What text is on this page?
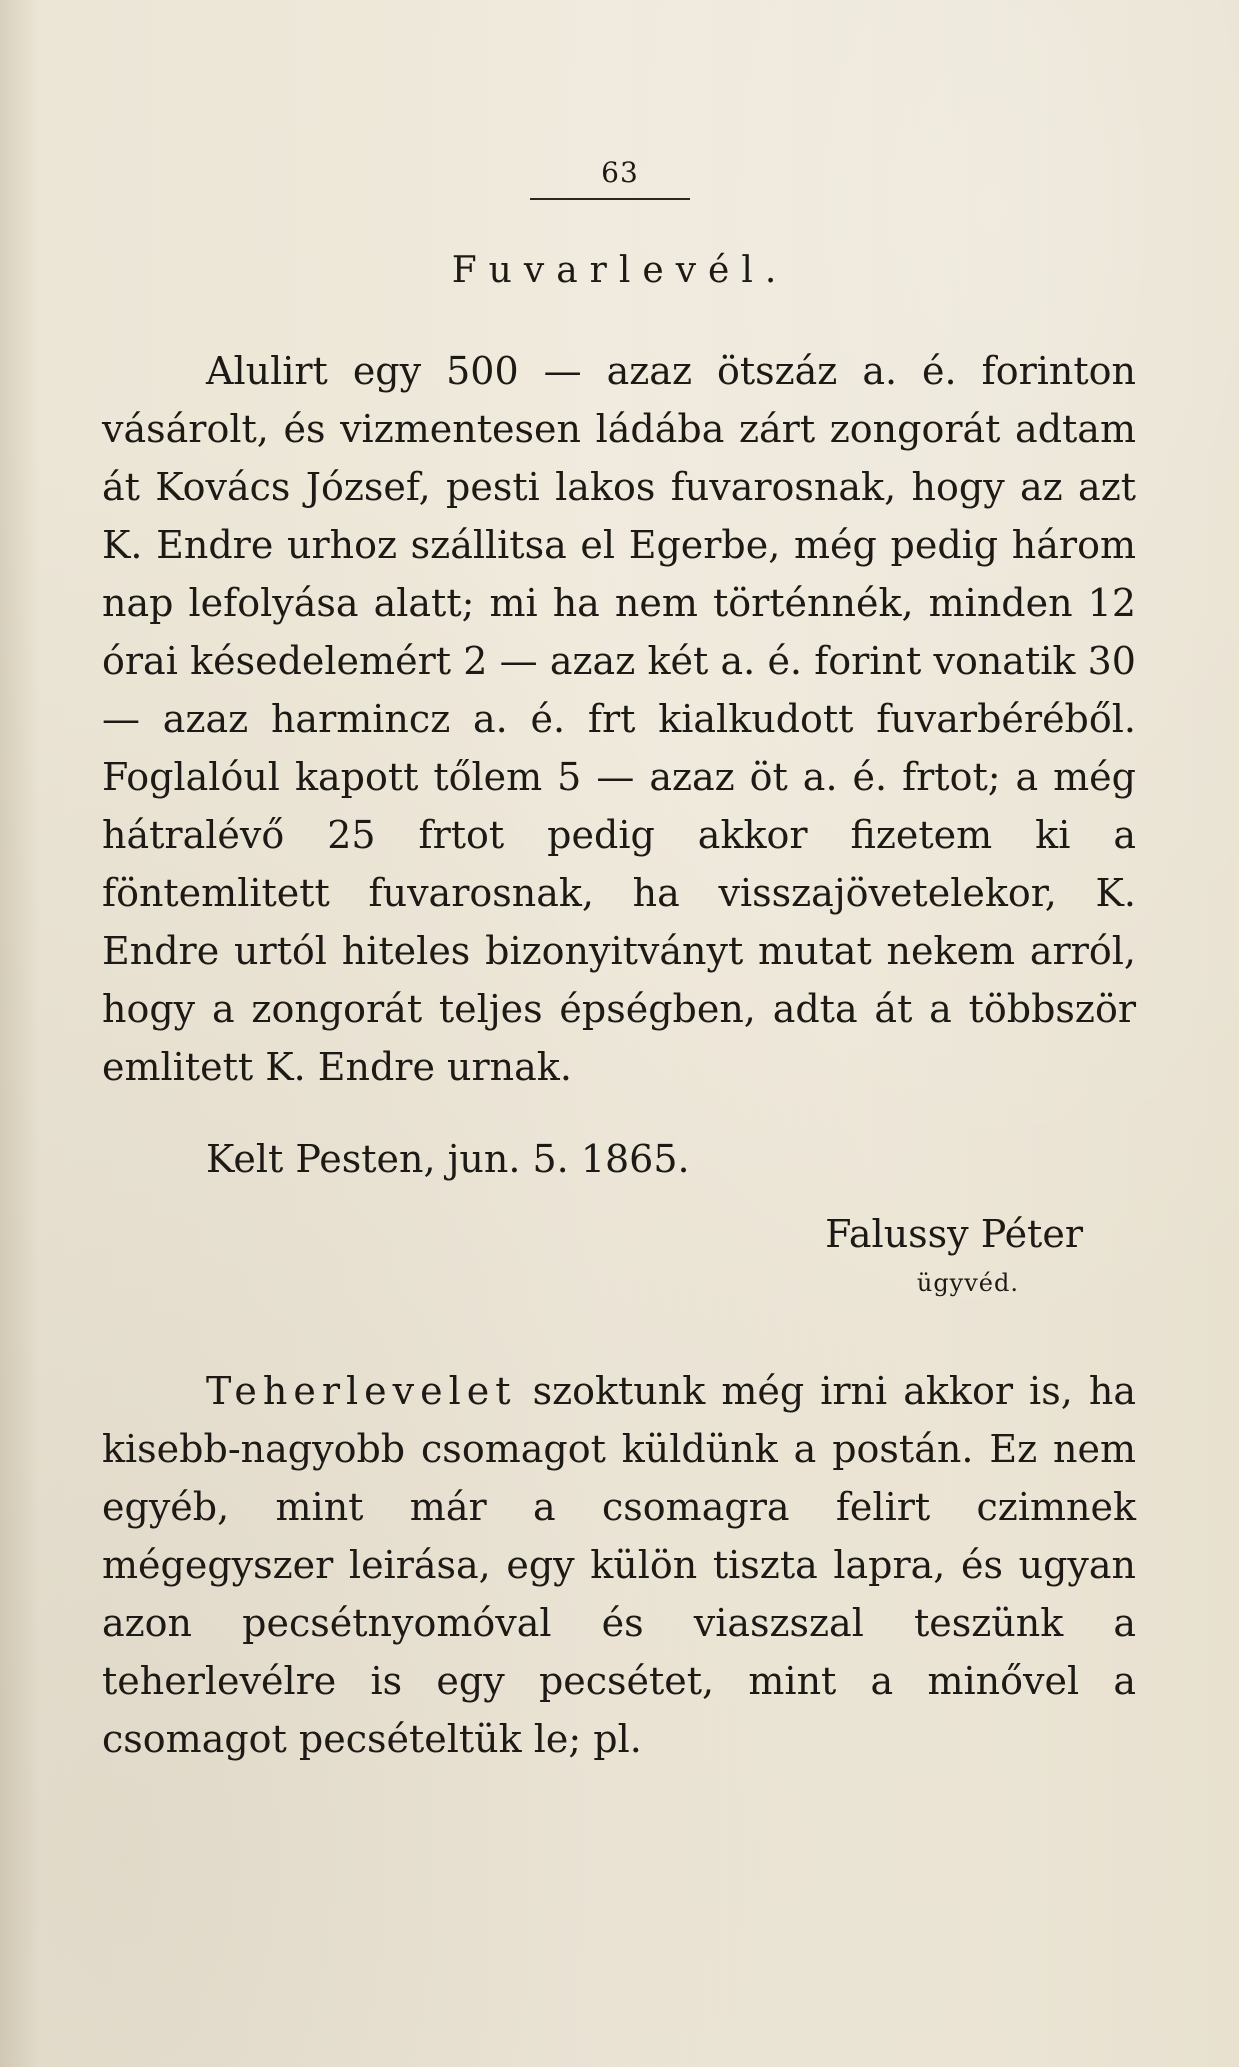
63
Fuvarlevél.
Alulirt egy 500 — azaz ötszáz a. é. forinton vásárolt, és vizmentesen ládába zárt zongorát adtam át Kovács József, pesti lakos fuvarosnak, hogy az azt K. Endre urhoz szállitsa el Egerbe, még pedig három nap lefolyása alatt; mi ha nem történnék, minden 12 órai késedelemért 2 — azaz két a. é. forint vonatik 30 — azaz harmincz a. é. frt kialkudott fuvarbéréből. Foglalóul kapott tőlem 5 — azaz öt a. é. frtot; a még hátralévő 25 frtot pedig akkor fizetem ki a föntemlitett fuvarosnak, ha visszajövetelekor, K. Endre urtól hiteles bizonyitványt mutat nekem arról, hogy a zongorát teljes épségben, adta át a többször emlitett K. Endre urnak.
Kelt Pesten, jun. 5. 1865.
Falussy Péter
ügyvéd.
Teherlevelet szoktunk még irni akkor is, ha kisebb-nagyobb csomagot küldünk a postán. Ez nem egyéb, mint már a csomagra felirt czimnek mégegyszer leirása, egy külön tiszta lapra, és ugyan azon pecsétnyomóval és viaszszal teszünk a teherlevélre is egy pecsétet, mint a minővel a csomagot pecsételtük le; pl.
